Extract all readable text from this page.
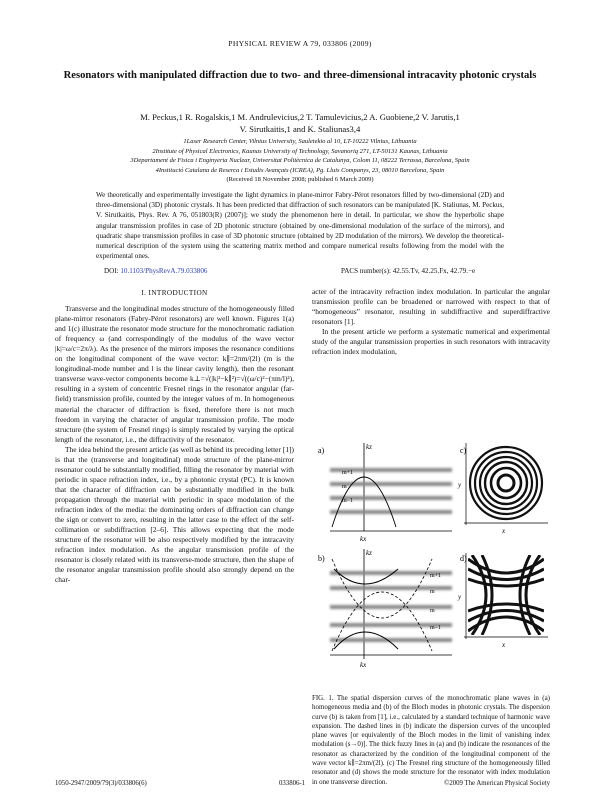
PHYSICAL REVIEW A 79, 033806 (2009)
Resonators with manipulated diffraction due to two- and three-dimensional intracavity photonic crystals
M. Peckus,1 R. Rogalskis,1 M. Andrulevicius,2 T. Tamulevicius,2 A. Guobiene,2 V. Jarutis,1
V. Sirutkaitis,1 and K. Staliunas3,4
1Laser Research Center, Vilnius University, Sauletekio al 10, LT-10222 Vilnius, Lithuania
2Institute of Physical Electronics, Kaunas University of Technology, Savanoriq 271, LT-50131 Kaunas, Lithuania
3Departament de Fisica i Enginyeria Nuclear, Universitat Politècnica de Catalunya, Colom 11, 08222 Terrassa, Barcelona, Spain
4Institució Catalana de Reserca i Estudis Avançats (ICREA), Pg. Lluis Companys, 23, 08010 Barcelona, Spain
(Received 18 November 2008; published 6 March 2009)
We theoretically and experimentally investigate the light dynamics in plane-mirror Fabry-Pérot resonators filled by two-dimensional (2D) and three-dimensional (3D) photonic crystals. It has been predicted that diffraction of such resonators can be manipulated [K. Staliunas, M. Peckus, V. Sirutkaitis, Phys. Rev. A 76, 051803(R) (2007)]; we study the phenomenon here in detail. In particular, we show the hyperbolic shape angular transmission profiles in case of 2D photonic structure (obtained by one-dimensional modulation of the surface of the mirrors), and quadratic shape transmission profiles in case of 3D photonic structure (obtained by 2D modulation of the mirrors). We develop the theoretical-numerical description of the system using the scattering matrix method and compare numerical results following from the model with the experimental ones.
DOI: 10.1103/PhysRevA.79.033806	PACS number(s): 42.55.Tv, 42.25.Fx, 42.79.−e
I. INTRODUCTION

Transverse and the longitudinal modes structure of the homogeneously filled plane-mirror resonators (Fabry-Pérot resonators) are well known. Figures 1(a) and 1(c) illustrate the resonator mode structure for the monochromatic radiation of frequency ω (and correspondingly of the modulus of the wave vector |k|=ω/c=2π/λ). As the presence of the mirrors imposes the resonance conditions on the longitudinal component of the wave vector: k∥=2πm/(2l) (m is the longitudinal-mode number and l is the linear cavity length), then the resonant transverse wave-vector components become k⊥=√(|k|²−k∥²)=√((ω/c)²−(πm/l)²), resulting in a system of concentric Fresnel rings in the resonator angular (far-field) transmission profile, counted by the integer values of m. In homogeneous material the character of diffraction is fixed, therefore there is not much freedom in varying the character of angular transmission profile. The mode structure (the system of Fresnel rings) is simply rescaled by varying the optical length of the resonator, i.e., the diffractivity of the resonator.

The idea behind the present article (as well as behind its preceding letter [1]) is that the (transverse and longitudinal) mode structure of the plane-mirror resonator could be substantially modified, filling the resonator by material with periodic in space refraction index, i.e., by a photonic crystal (PC). It is known that the character of diffraction can be substantially modified in the bulk propagation through the material with periodic in space modulation of the refraction index of the media: the dominating orders of diffraction can change the sign or convert to zero, resulting in the latter case to the effect of the self-collimation or subdiffraction [2–6]. This allows expecting that the mode structure of the resonator will be also respectively modified by the intracavity refraction index modulation. As the angular transmission profile of the resonator is closely related with its transverse-mode structure, then the shape of the resonator angular transmission profile should also strongly depend on the char-

acter of the intracavity refraction index modulation. In particular the angular transmission profile can be broadened or narrowed with respect to that of “homogeneous” resonator, resulting in subdiffractive and superdiffractive resonators [1].

In the present article we perform a systematic numerical and experimental study of the angular transmission properties in such resonators with intracavity refraction index modulation,

a)	kz
kx
m+1
m
m−1
c)
x
y
b)
kz
kx
m+1
m
m−1
m
d)
x
y
FIG. 1. The spatial dispersion curves of the monochromatic plane waves in (a) homogeneous media and (b) of the Bloch modes in photonic crystals. The dispersion curve (b) is taken from [1], i.e., calculated by a standard technique of harmonic wave expansion. The dashed lines in (b) indicate the dispersion curves of the uncoupled plane waves [or equivalently of the Bloch modes in the limit of vanishing index modulation (s→0)]. The thick fuzzy lines in (a) and (b) indicate the resonances of the resonator as characterized by the condition of the longitudinal component of the wave vector k∥=2πm/(2l). (c) The Fresnel ring structure of the homogeneously filled resonator and (d) shows the mode structure for the resonator with index modulation in one transverse direction.
1050-2947/2009/79(3)/033806(6)	033806-1	©2009 The American Physical Society
